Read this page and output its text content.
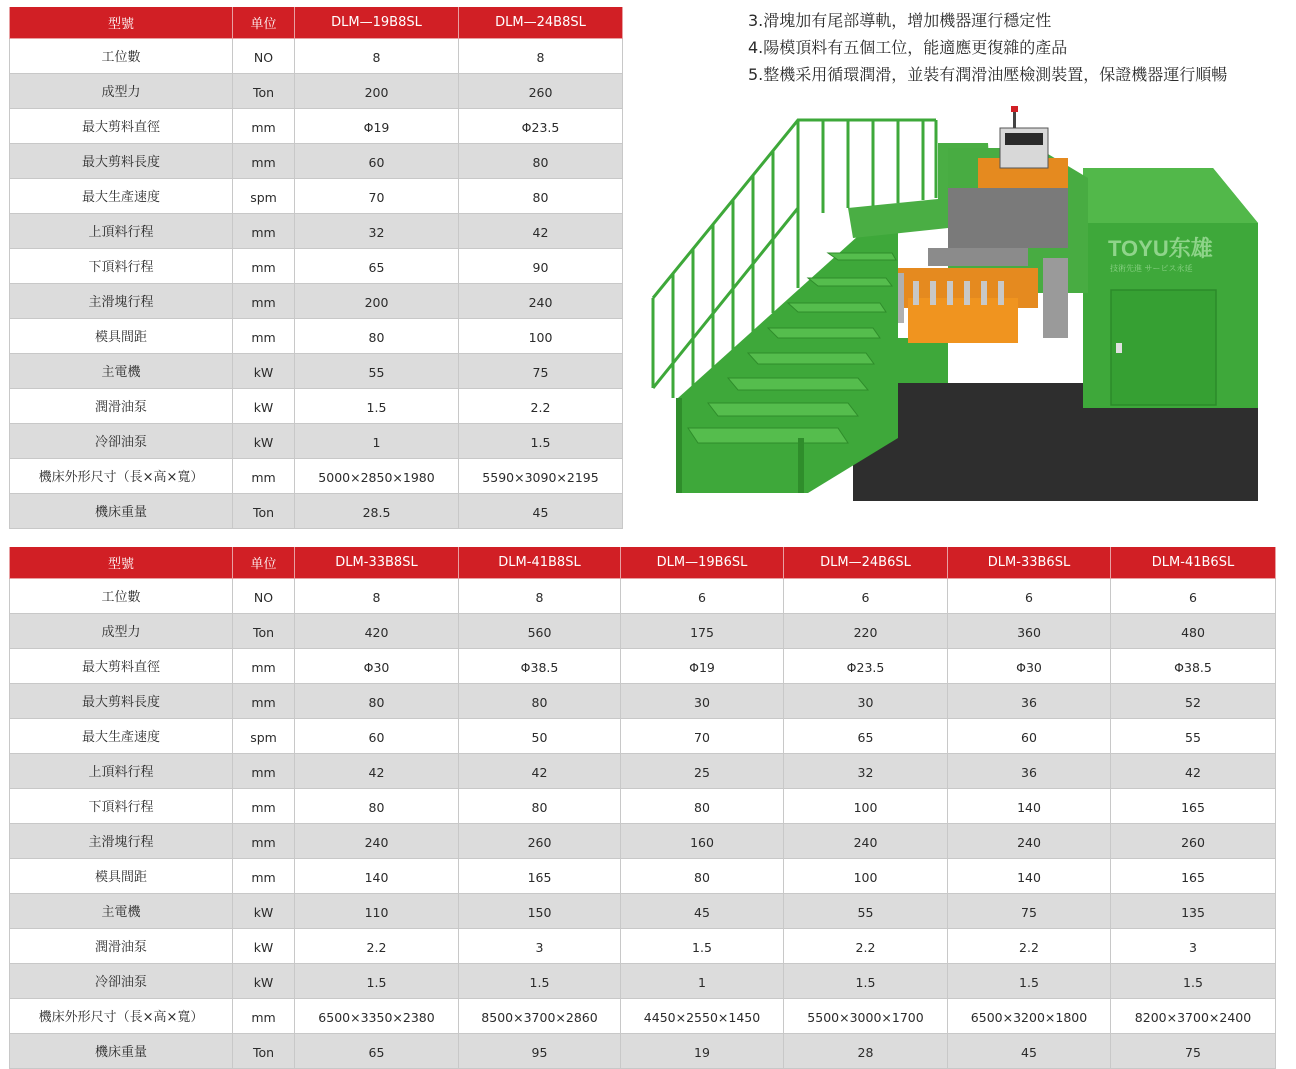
型號	单位	DLM—19B8SL	DLM—24B8SL
工位數	NO	8	8
成型力	Ton	200	260
最大剪料直徑	mm	Φ19	Φ23.5
最大剪料長度	mm	60	80
最大生產速度	spm	70	80
上頂料行程	mm	32	42
下頂料行程	mm	65	90
主滑塊行程	mm	200	240
模具間距	mm	80	100
主電機	kW	55	75
潤滑油泵	kW	1.5	2.2
冷卻油泵	kW	1	1.5
機床外形尺寸（長×高×寬）	mm	5000×2850×1980	5590×3090×2195
機床重量	Ton	28.5	45
3.滑塊加有尾部導軌，增加機器運行穩定性
4.陽模頂料有五個工位，能適應更復雜的產品
5.整機采用循環潤滑，並裝有潤滑油壓檢測裝置，保證機器運行順暢
TOYU东雄
技術先進 サービス永延
型號	单位	DLM-33B8SL	DLM-41B8SL	DLM—19B6SL	DLM—24B6SL	DLM-33B6SL	DLM-41B6SL
工位數	NO	8	8	6	6	6	6
成型力	Ton	420	560	175	220	360	480
最大剪料直徑	mm	Φ30	Φ38.5	Φ19	Φ23.5	Φ30	Φ38.5
最大剪料長度	mm	80	80	30	30	36	52
最大生產速度	spm	60	50	70	65	60	55
上頂料行程	mm	42	42	25	32	36	42
下頂料行程	mm	80	80	80	100	140	165
主滑塊行程	mm	240	260	160	240	240	260
模具間距	mm	140	165	80	100	140	165
主電機	kW	110	150	45	55	75	135
潤滑油泵	kW	2.2	3	1.5	2.2	2.2	3
冷卻油泵	kW	1.5	1.5	1	1.5	1.5	1.5
機床外形尺寸（長×高×寬）	mm	6500×3350×2380	8500×3700×2860	4450×2550×1450	5500×3000×1700	6500×3200×1800	8200×3700×2400
機床重量	Ton	65	95	19	28	45	75
